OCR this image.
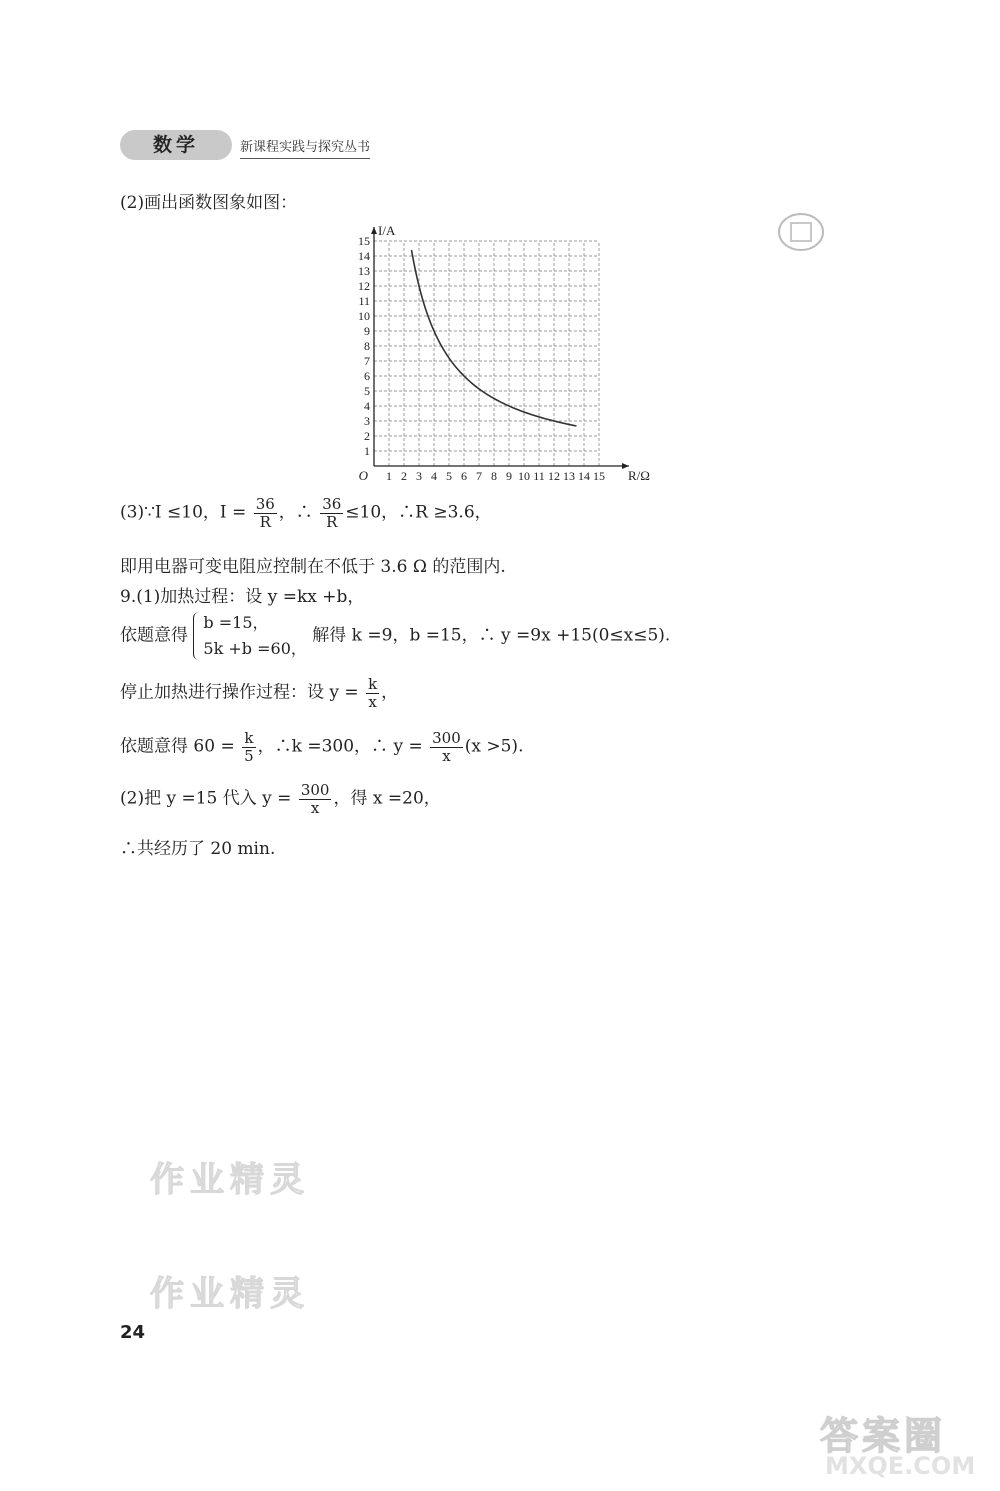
数学	新课程实践与探究丛书
(2)画出函数图象如图：
1 2 3 4 5 6 7 8 9 10 11 12 13 14 15
1
2
3
4
5
6
7
8
9
10
11
12
13
14
15
O	R/Ω
I/A
(3)∵I ≤10，$I = \frac{36}{R}$ ，∴ $\frac{36}{R} \le 10$，∴R ≥3.6，
即用电器可变电阻应控制在不低于 3.6 Ω 的范围内.
9.(1)加热过程：设 y =kx +b，
依题意得
b =15，
5k +b =60，
解得 k =9，b =15，∴ y =9x +15(0≤x≤5).
停止加热进行操作过程：设 $y = \frac{k}{x}$ ，
依题意得 $60 = \frac{k}{5}$ ，∴k =300，∴ $y = \frac{300}{x} (x >5)$.
(2)把 y =15 代入 $y = \frac{300}{x}$ ，得 x =20，
∴共经历了 20 min.
作业精灵
作业精灵
24
答案圈
MXQE.COM
